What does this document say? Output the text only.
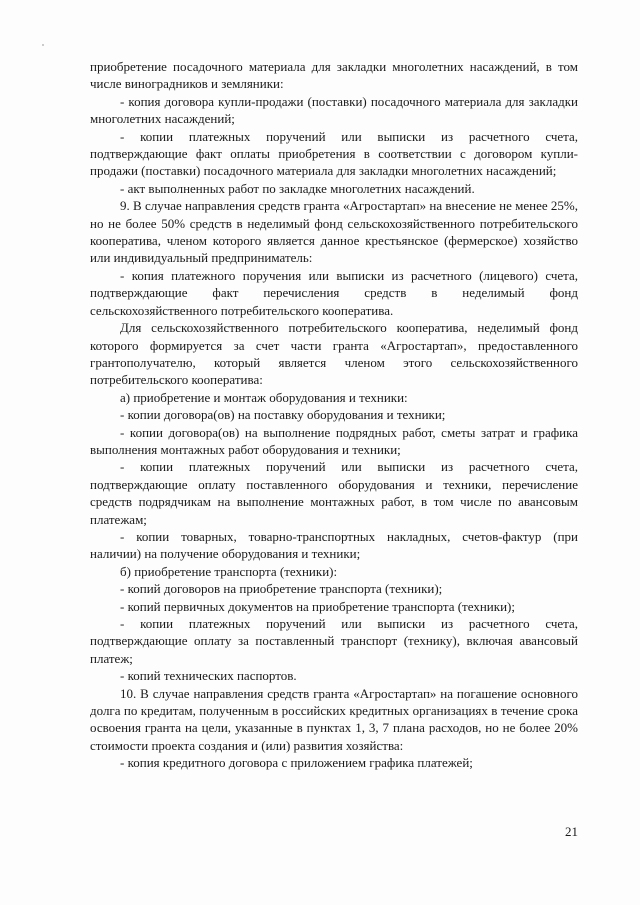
приобретение посадочного материала для закладки многолетних насаждений, в том числе виноградников и земляники:

- копия договора купли-продажи (поставки) посадочного материала для закладки многолетних насаждений;

- копии платежных поручений или выписки из расчетного счета, подтверждающие факт оплаты приобретения в соответствии с договором купли-продажи (поставки) посадочного материала для закладки многолетних насаждений;

- акт выполненных работ по закладке многолетних насаждений.

9. В случае направления средств гранта «Агростартап» на внесение не менее 25%, но не более 50% средств в неделимый фонд сельскохозяйственного потребительского кооператива, членом которого является данное крестьянское (фермерское) хозяйство или индивидуальный предприниматель:

- копия платежного поручения или выписки из расчетного (лицевого) счета, подтверждающие факт перечисления средств в неделимый фонд сельскохозяйственного потребительского кооператива.

Для сельскохозяйственного потребительского кооператива, неделимый фонд которого формируется за счет части гранта «Агростартап», предоставленного грантополучателю, который является членом этого сельскохозяйственного потребительского кооператива:

а) приобретение и монтаж оборудования и техники:

- копии договора(ов) на поставку оборудования и техники;

- копии договора(ов) на выполнение подрядных работ, сметы затрат и графика выполнения монтажных работ оборудования и техники;

- копии платежных поручений или выписки из расчетного счета, подтверждающие оплату поставленного оборудования и техники, перечисление средств подрядчикам на выполнение монтажных работ, в том числе по авансовым платежам;

- копии товарных, товарно-транспортных накладных, счетов-фактур (при наличии) на получение оборудования и техники;

б) приобретение транспорта (техники):

- копий договоров на приобретение транспорта (техники);

- копий первичных документов на приобретение транспорта (техники);

- копии платежных поручений или выписки из расчетного счета, подтверждающие оплату за поставленный транспорт (технику), включая авансовый платеж;

- копий технических паспортов.

10. В случае направления средств гранта «Агростартап» на погашение основного долга по кредитам, полученным в российских кредитных организациях в течение срока освоения гранта на цели, указанные в пунктах 1, 3, 7 плана расходов, но не более 20% стоимости проекта создания и (или) развития хозяйства:

- копия кредитного договора с приложением графика платежей;

21
